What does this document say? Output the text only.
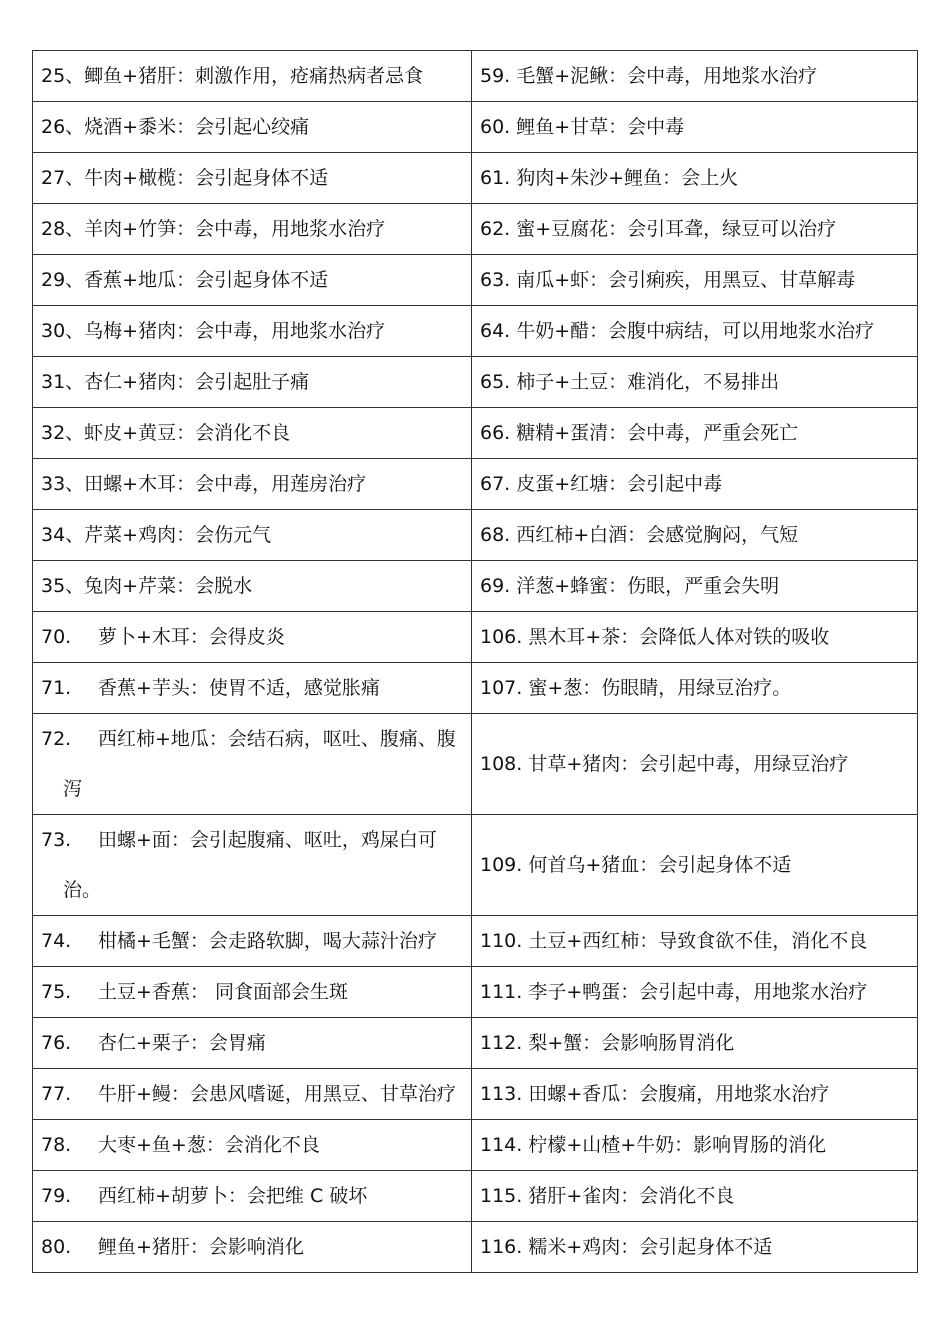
25、鲫鱼+猪肝：刺激作用，疮痛热病者忌食	59. 毛蟹+泥鳅：会中毒，用地浆水治疗
26、烧酒+黍米：会引起心绞痛	60. 鲤鱼+甘草：会中毒
27、牛肉+橄榄：会引起身体不适	61. 狗肉+朱沙+鲤鱼：会上火
28、羊肉+竹笋：会中毒，用地浆水治疗	62. 蜜+豆腐花：会引耳聋，绿豆可以治疗
29、香蕉+地瓜：会引起身体不适	63. 南瓜+虾：会引痢疾，用黑豆、甘草解毒
30、乌梅+猪肉：会中毒，用地浆水治疗	64. 牛奶+醋：会腹中病结，可以用地浆水治疗
31、杏仁+猪肉：会引起肚子痛	65. 柿子+土豆：难消化，不易排出
32、虾皮+黄豆：会消化不良	66. 糖精+蛋清：会中毒，严重会死亡
33、田螺+木耳：会中毒，用莲房治疗	67. 皮蛋+红塘：会引起中毒
34、芹菜+鸡肉：会伤元气	68. 西红柿+白酒：会感觉胸闷，气短
35、兔肉+芹菜：会脱水	69. 洋葱+蜂蜜：伤眼，严重会失明
70. 萝卜+木耳：会得皮炎	106. 黑木耳+茶：会降低人体对铁的吸收
71. 香蕉+芋头：使胃不适，感觉胀痛	107. 蜜+葱：伤眼睛，用绿豆治疗。
72. 西红柿+地瓜：会结石病，呕吐、腹痛、腹
泻	108. 甘草+猪肉：会引起中毒，用绿豆治疗
73. 田螺+面：会引起腹痛、呕吐，鸡屎白可
治。	109. 何首乌+猪血：会引起身体不适
74. 柑橘+毛蟹：会走路软脚，喝大蒜汁治疗	110. 土豆+西红柿：导致食欲不佳，消化不良
75. 土豆+香蕉： 同食面部会生斑	111. 李子+鸭蛋：会引起中毒，用地浆水治疗
76. 杏仁+栗子：会胃痛	112. 梨+蟹：会影响肠胃消化
77. 牛肝+鳗：会患风嗜诞，用黑豆、甘草治疗	113. 田螺+香瓜：会腹痛，用地浆水治疗
78. 大枣+鱼+葱：会消化不良	114. 柠檬+山楂+牛奶：影响胃肠的消化
79. 西红柿+胡萝卜：会把维 C 破坏	115. 猪肝+雀肉：会消化不良
80. 鲤鱼+猪肝：会影响消化	116. 糯米+鸡肉：会引起身体不适
